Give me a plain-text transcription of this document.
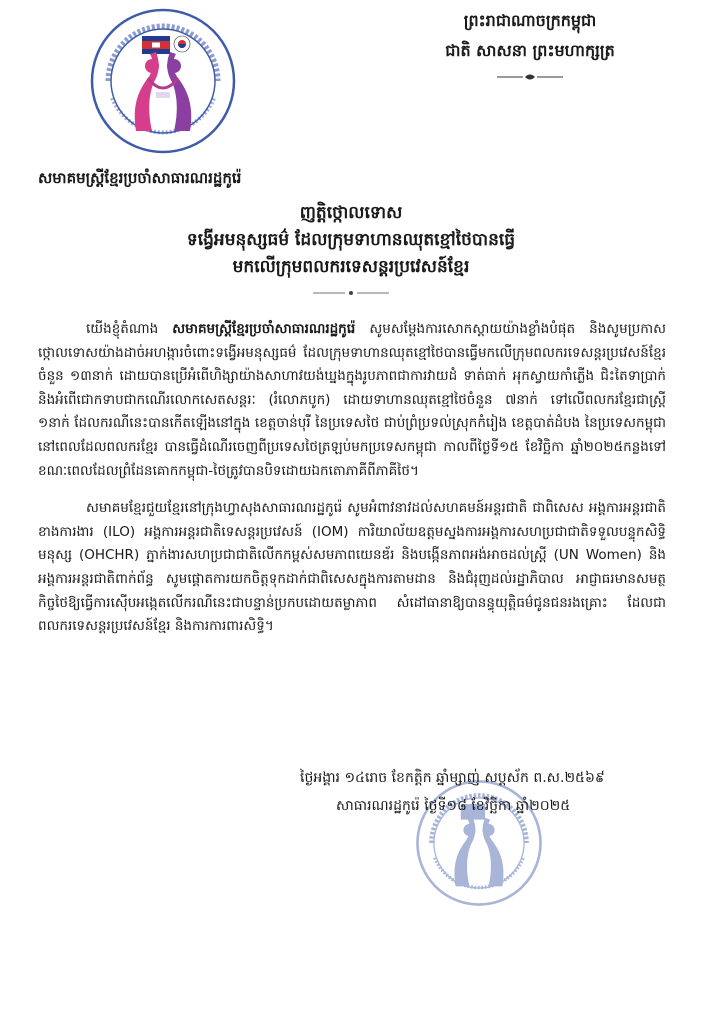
ព្រះរាជាណាចក្រកម្ពុជា
ជាតិ សាសនា ព្រះមហាក្សត្រ
សមាគមស្ត្រីខ្មែរប្រចាំសាធារណរដ្ឋកូរ៉េ
ញត្តិថ្កោលទោស
ទង្វើអមនុស្សធម៌ ដែលក្រុមទាហានឈុតខ្មៅថៃបានធ្វើ
មកលើក្រុមពលករទេសន្តរប្រវេសន៍ខ្មែរ

យើងខ្ញុំតំណាង សមាគមស្ត្រីខ្មែរប្រចាំសាធារណរដ្ឋកូរ៉េ សូមសម្ដែងការសោកស្ដាយយ៉ាងខ្លាំងបំផុត និងសូមប្រកាសថ្កោលទោសយ៉ាងដាច់អហង្ការចំពោះទង្វើអមនុស្សធម៌ ដែលក្រុមទាហានឈុតខ្មៅថៃបានធ្វើមកលើក្រុមពលករទេសន្តរប្រវេសន៍ខ្មែរចំនួន ១៣នាក់ ដោយបានប្រើអំពើហិង្សាយ៉ាងសាហាវយង់ឃ្នងក្នុងរូបភាពជាការវាយដំ ទាត់ធាក់ អុកស្វាយកាំភ្លើង ជិះតៃទាប្រាក់ និងអំពើជោកទាបជាកណើរលោកសេតសន្តរៈ (រំលោភបូក) ដោយទាហានឈុតខ្មៅថៃចំនួន ៧នាក់ ទៅលើពលករខ្មែរជាស្ត្រី ១នាក់ ដែលករណីនេះបានកើតឡើងនៅក្នុង ខេត្តចាន់បុរី នៃប្រទេសថៃ ជាប់ព្រំប្រទល់ស្រុកកំរៀង ខេត្តបាត់ដំបង នៃប្រទេសកម្ពុជានៅពេលដែលពលករខ្មែរ បានធ្វើដំណើរចេញពីប្រទេសថៃត្រឡប់មកប្រទេសកម្ពុជា កាលពីថ្ងៃទី១៥ ខែវិច្ឆិកា ឆ្នាំ២០២៥កន្លងទៅ ខណៈពេលដែលព្រំដែនគោកកម្ពុជា-ថៃត្រូវបានបិទដោយឯកតោភាគីពីភាគីថៃ។

សមាគមខ្មែរជួយខ្មែរនៅក្រុងហ្វាសុងសាធារណរដ្ឋកូរ៉េ សូមអំពាវនាវដល់សហគមន៍អន្តរជាតិ ជាពិសេស អង្គការអន្តរជាតិខាងការងារ (ILO) អង្គការអន្តរជាតិទេសន្តរប្រវេសន៍ (IOM) ការិយាល័យឧត្តមស្នងការអង្គការសហប្រជាជាតិទទួលបន្ទុកសិទ្ធិមនុស្ស (OHCHR) ភ្នាក់ងារសហប្រជាជាតិលើកកម្ពស់សមភាពយេនឌ័រ និងបង្កើនភាពអង់អាចដល់ស្ត្រី (UN Women) និងអង្គការអន្តរជាតិពាក់ព័ន្ធ សូមផ្ដោតការយកចិត្តទុកដាក់ជាពិសេសក្នុងការតាមដាន និងជំរុញដល់រដ្ឋាភិបាល អាជ្ញាធរមានសមត្ថកិច្ចថៃឱ្យធ្វើការស៊ើបអង្កេតលើករណីនេះជាបន្ទាន់ប្រកបដោយតម្លាភាព សំដៅធានាឱ្យបានន្ធុយុត្តិធម៌ជូនជនរងគ្រោះ ដែលជាពលករទេសន្តរប្រវេសន៍ខ្មែរ និងការការពារសិទ្ធិ។

ថ្ងៃអង្គារ ១៤រោច ខែកត្តិក ឆ្នាំម្សាញ់ សប្តស័ក ព.ស.២៥៦៩
សាធារណរដ្ឋកូរ៉េ ថ្ងៃទី១៨ ខែវិច្ឆិកា ឆ្នាំ២០២៥
